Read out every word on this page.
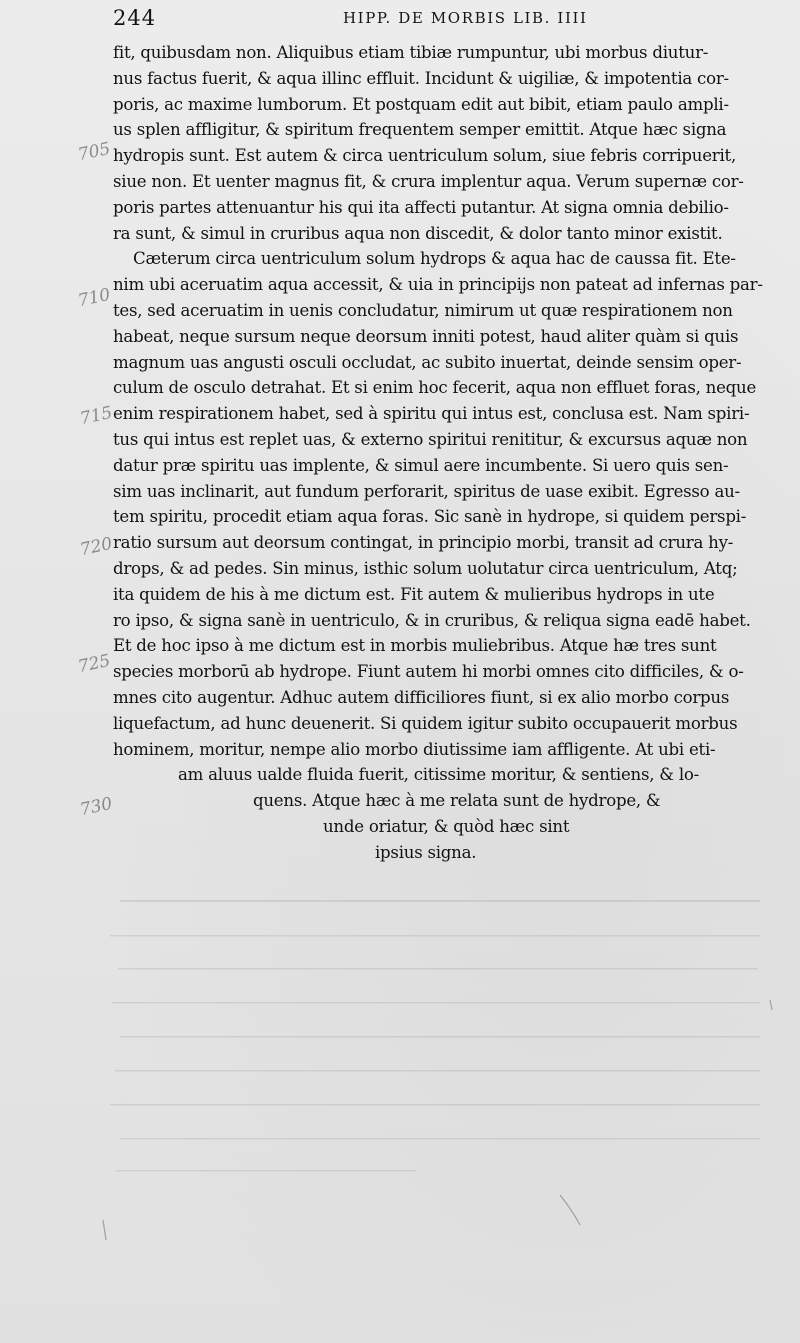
244	HIPP. DE MORBIS LIB. IIII
705
710
715
720
725
730
fit, quibusdam non. Aliquibus etiam tibiæ rumpuntur, ubi morbus diutur-
nus factus fuerit, & aqua illinc effluit. Incidunt & uigiliæ, & impotentia cor-
poris, ac maxime lumborum. Et postquam edit aut bibit, etiam paulo ampli-
us splen affligitur, & spiritum frequentem semper emittit. Atque hæc signa
hydropis sunt. Est autem & circa uentriculum solum, siue febris corripuerit,
siue non. Et uenter magnus fit, & crura implentur aqua. Verum supernæ cor-
poris partes attenuantur his qui ita affecti putantur. At signa omnia debilio-
ra sunt, & simul in cruribus aqua non discedit, & dolor tanto minor existit.
Cæterum circa uentriculum solum hydrops & aqua hac de caussa fit. Ete-
nim ubi aceruatim aqua accessit, & uia in principijs non pateat ad infernas par-
tes, sed aceruatim in uenis concludatur, nimirum ut quæ respirationem non
habeat, neque sursum neque deorsum inniti potest, haud aliter quàm si quis
magnum uas angusti osculi occludat, ac subito inuertat, deinde sensim oper-
culum de osculo detrahat. Et si enim hoc fecerit, aqua non effluet foras, neque
enim respirationem habet, sed à spiritu qui intus est, conclusa est. Nam spiri-
tus qui intus est replet uas, & externo spiritui renititur, & excursus aquæ non
datur præ spiritu uas implente, & simul aere incumbente. Si uero quis sen-
sim uas inclinarit, aut fundum perforarit, spiritus de uase exibit. Egresso au-
tem spiritu, procedit etiam aqua foras. Sic sanè in hydrope, si quidem perspi-
ratio sursum aut deorsum contingat, in principio morbi, transit ad crura hy-
drops, & ad pedes. Sin minus, isthic solum uolutatur circa uentriculum, Atq;
ita quidem de his à me dictum est. Fit autem & mulieribus hydrops in ute
ro ipso, & signa sanè in uentriculo, & in cruribus, & reliqua signa eadē habet.
Et de hoc ipso à me dictum est in morbis muliebribus. Atque hæ tres sunt
species morborū ab hydrope. Fiunt autem hi morbi omnes cito difficiles, & o-
mnes cito augentur. Adhuc autem difficiliores fiunt, si ex alio morbo corpus
liquefactum, ad hunc deuenerit. Si quidem igitur subito occupauerit morbus
hominem, moritur, nempe alio morbo diutissime iam affligente. At ubi eti-
am aluus ualde fluida fuerit, citissime moritur, & sentiens, & lo-
quens. Atque hæc à me relata sunt de hydrope, &
unde oriatur, & quòd hæc sint
ipsius signa.
